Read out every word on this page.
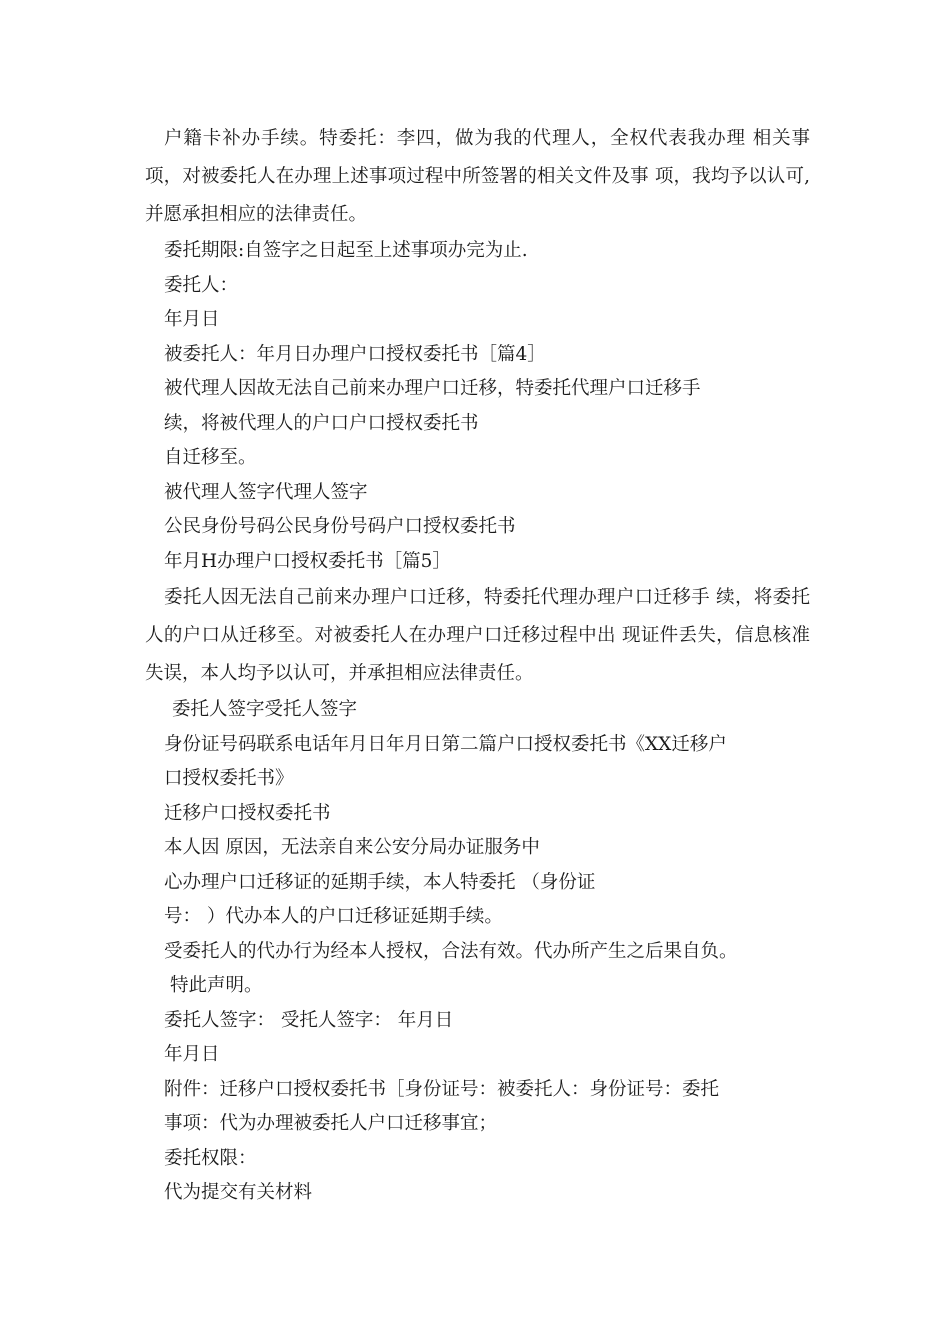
户籍卡补办手续。特委托：李四，做为我的代理人，全权代表我办理 相关事项，对被委托人在办理上述事项过程中所签署的相关文件及事 项，我均予以认可,并愿承担相应的法律责任。

委托期限:自签字之日起至上述事项办完为止.

委托人：

年月日

被委托人：年月日办理户口授权委托书［篇4］

被代理人因故无法自己前来办理户口迁移，特委托代理户口迁移手

续，将被代理人的户口户口授权委托书

自迁移至。

被代理人签字代理人签字

公民身份号码公民身份号码户口授权委托书

年月H办理户口授权委托书［篇5］

委托人因无法自己前来办理户口迁移，特委托代理办理户口迁移手 续，将委托人的户口从迁移至。对被委托人在办理户口迁移过程中出 现证件丢失，信息核准失误，本人均予以认可，并承担相应法律责任。

委托人签字受托人签字

身份证号码联系电话年月日年月日第二篇户口授权委托书《XX迁移户

口授权委托书》

迁移户口授权委托书

本人因 原因，无法亲自来公安分局办证服务中

心办理户口迁移证的延期手续，本人特委托 （身份证

号： ）代办本人的户口迁移证延期手续。

受委托人的代办行为经本人授权，合法有效。代办所产生之后果自负。

特此声明。

委托人签字： 受托人签字： 年月日

年月日

附件：迁移户口授权委托书［身份证号：被委托人：身份证号：委托

事项：代为办理被委托人户口迁移事宜；

委托权限：

代为提交有关材料
